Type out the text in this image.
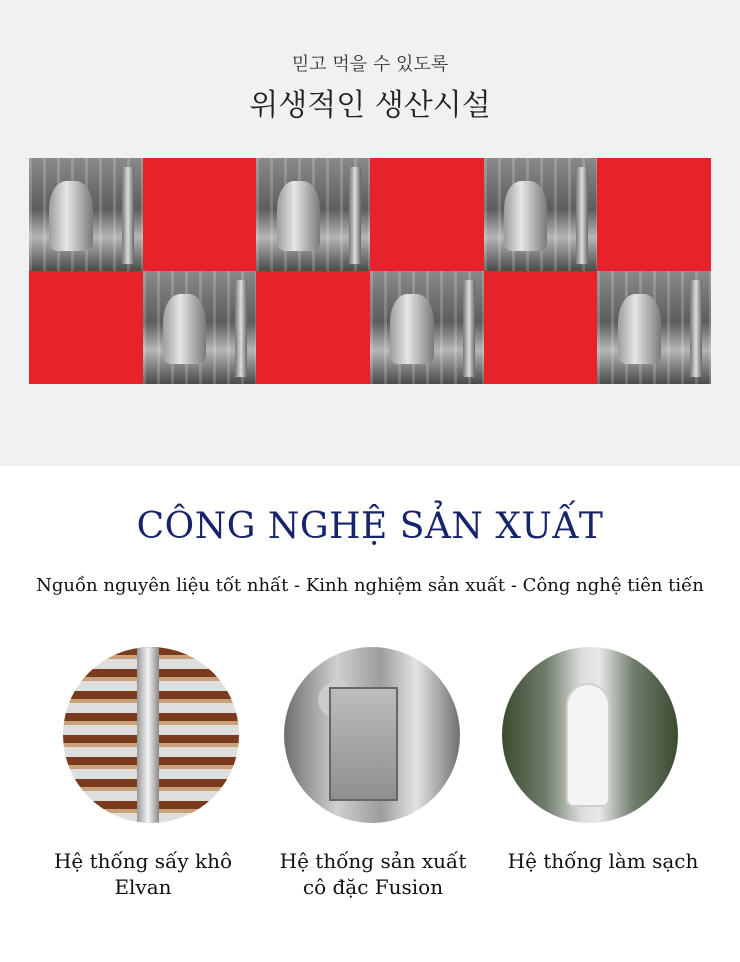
믿고 먹을 수 있도록
위생적인 생산시설
CÔNG NGHỆ SẢN XUẤT
Nguồn nguyên liệu tốt nhất - Kinh nghiệm sản xuất - Công nghệ tiên tiến
Hệ thống sấy khô
Elvan
Hệ thống sản xuất
cô đặc Fusion
Hệ thống làm sạch
